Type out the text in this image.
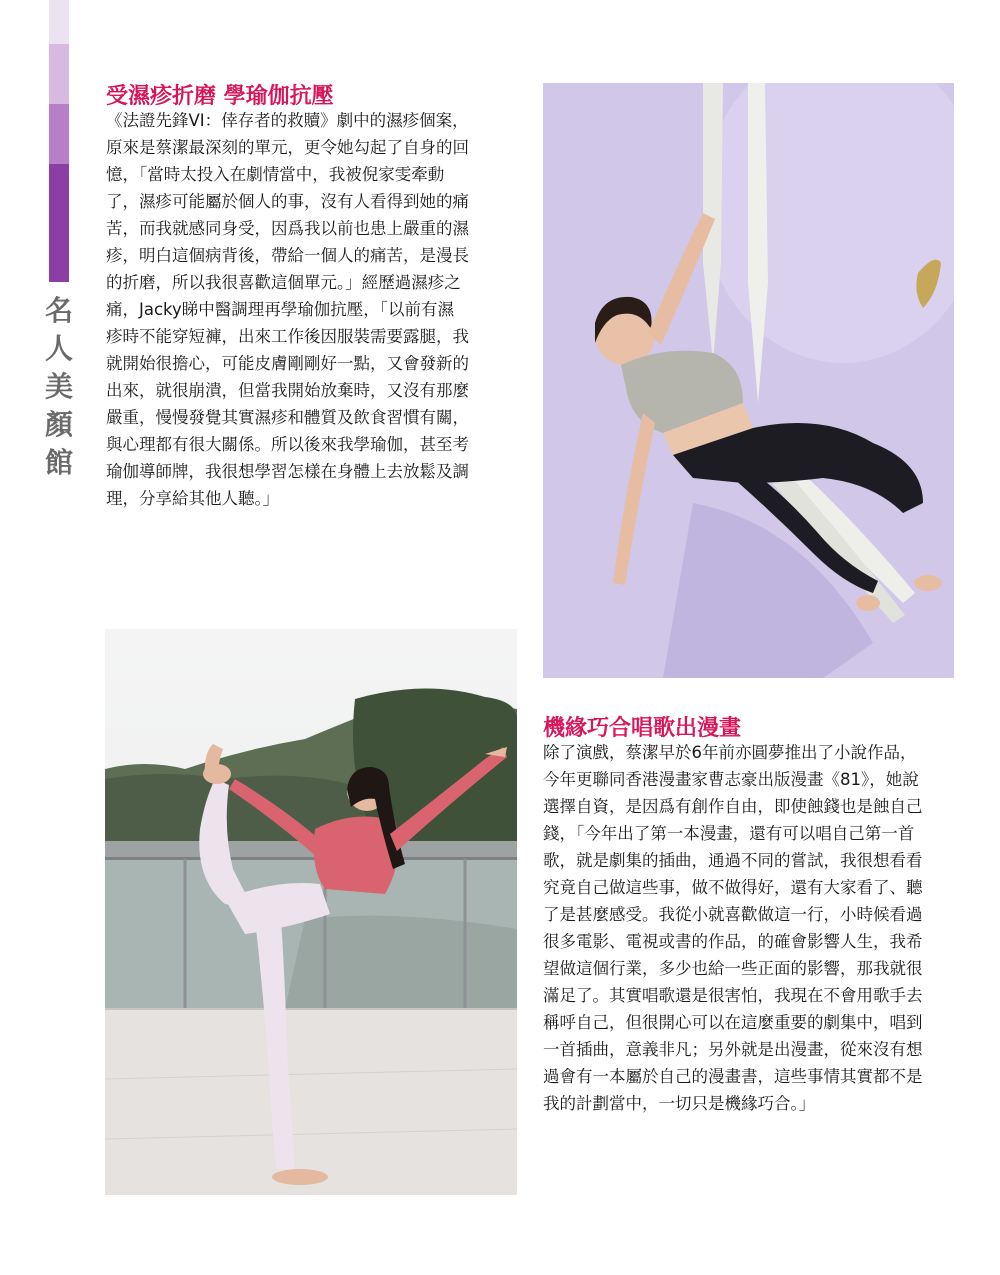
名
人
美
顏
館
受濕疹折磨 學瑜伽抗壓
《法證先鋒VI：倖存者的救贖》劇中的濕疹個案，
原來是蔡潔最深刻的單元，更令她勾起了自身的回
憶，「當時太投入在劇情當中，我被倪家雯牽動
了，濕疹可能屬於個人的事，沒有人看得到她的痛
苦，而我就感同身受，因爲我以前也患上嚴重的濕
疹，明白這個病背後，帶給一個人的痛苦，是漫長
的折磨，所以我很喜歡這個單元。」經歷過濕疹之
痛，Jacky睇中醫調理再學瑜伽抗壓，「以前有濕
疹時不能穿短褲，出來工作後因服裝需要露腿，我
就開始很擔心，可能皮膚剛剛好一點，又會發新的
出來，就很崩潰，但當我開始放棄時，又沒有那麼
嚴重，慢慢發覺其實濕疹和體質及飲食習慣有關，
與心理都有很大關係。所以後來我學瑜伽，甚至考
瑜伽導師牌，我很想學習怎樣在身體上去放鬆及調
理，分享給其他人聽。」
機緣巧合唱歌出漫畫
除了演戲，蔡潔早於6年前亦圓夢推出了小說作品，
今年更聯同香港漫畫家曹志豪出版漫畫《81》，她說
選擇自資，是因爲有創作自由，即使蝕錢也是蝕自己
錢，「今年出了第一本漫畫，還有可以唱自己第一首
歌，就是劇集的插曲，通過不同的嘗試，我很想看看
究竟自己做這些事，做不做得好，還有大家看了、聽
了是甚麼感受。我從小就喜歡做這一行，小時候看過
很多電影、電視或書的作品，的確會影響人生，我希
望做這個行業，多少也給一些正面的影響，那我就很
滿足了。其實唱歌還是很害怕，我現在不會用歌手去
稱呼自己，但很開心可以在這麼重要的劇集中，唱到
一首插曲，意義非凡；另外就是出漫畫，從來沒有想
過會有一本屬於自己的漫畫書，這些事情其實都不是
我的計劃當中，一切只是機緣巧合。」
